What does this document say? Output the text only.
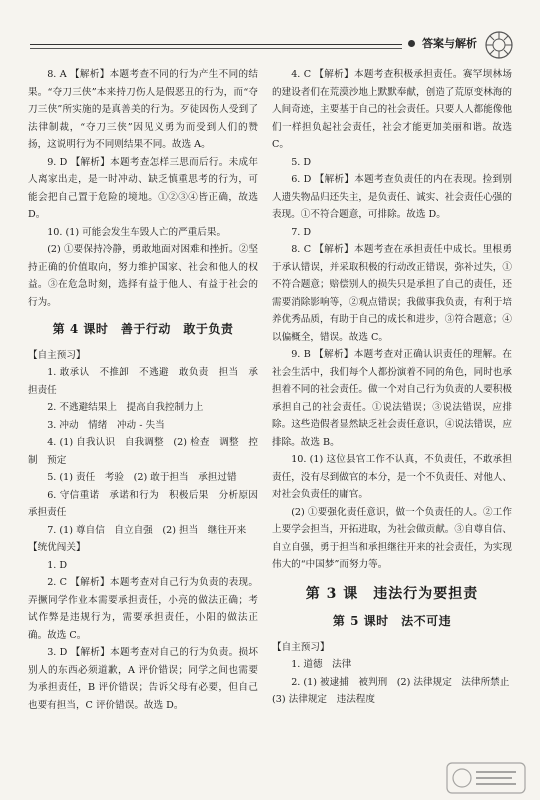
答案与解析

8. A 【解析】本题考查不同的行为产生不同的结果。“夺刀三侠”本来持刀伤人是假恶丑的行为，而“夺刀三侠”所实施的是真善美的行为。歹徒因伤人受到了法律制裁，“夺刀三侠”因见义勇为而受到人们的赞扬，这说明行为不同则结果不同。故选 A。

9. D 【解析】本题考查怎样三思而后行。未成年人离家出走，是一时冲动、缺乏慎重思考的行为，可能会把自己置于危险的境地。①②③④皆正确，故选 D。

10. (1) 可能会发生车毁人亡的严重后果。

(2) ①要保持冷静，勇敢地面对困难和挫折。②坚持正确的价值取向，努力维护国家、社会和他人的权益。③在危急时刻，选择有益于他人、有益于社会的行为。

第 4 课时　善于行动　敢于负责

【自主预习】

1. 敢承认　不推卸　不逃避　敢负责　担当　承担责任

2. 不逃避结果上　提高自我控制力上

3. 冲动　情绪　冲动 - 失当

4. (1) 自我认识　自我调整　(2) 检查　调整　控制　预定

5. (1) 责任　考验　(2) 敢于担当　承担过错

6. 守信重诺　承诺和行为　积极后果　分析原因　承担责任

7. (1) 尊自信　自立自强　(2) 担当　继往开来

【统优闯关】

1. D

2. C 【解析】本题考查对自己行为负责的表现。弄撅同学作业本需要承担责任，小亮的做法正确；考试作弊是违规行为，需要承担责任，小阳的做法正确。故选 C。

3. D 【解析】本题考查对自己的行为负责。损坏别人的东西必须道歉，A 评价错误；同学之间也需要为承担责任，B 评价错误；告诉父母有必要，但自己也要有担当，C 评价错误。故选 D。

4. C 【解析】本题考查积极承担责任。赛罕坝林场的建设者们在荒漠沙地上默默奉献，创造了荒原变林海的人间奇迹，主要基于自己的社会责任。只要人人都能像他们一样担负起社会责任，社会才能更加美丽和谐。故选 C。

5. D

6. D 【解析】本题考查负责任的内在表现。捡到别人遗失物品归还失主，是负责任、诚实、社会责任心强的表现。①不符合题意，可排除。故选 D。

7. D

8. C 【解析】本题考查在承担责任中成长。里根勇于承认错误，并采取积极的行动改正错误，弥补过失，①不符合题意；赔偿别人的损失只是承担了自己的责任，还需要消除影响等，②观点错误；我做事我负责，有利于培养优秀品质，有助于自己的成长和进步，③符合题意；④以偏概全，错误。故选 C。

9. B 【解析】本题考查对正确认识责任的理解。在社会生活中，我们每个人都扮演着不同的角色，同时也承担着不同的社会责任。做一个对自己行为负责的人要积极承担自己的社会责任。①说法错误；③说法错误，应排除。这些造假者显然缺乏社会责任意识，④说法错误，应排除。故选 B。

10. (1) 这位县官工作不认真，不负责任，不敢承担责任，没有尽到做官的本分，是一个不负责任、对他人、对社会负责任的庸官。

(2) ①要强化责任意识，做一个负责任的人。②工作上要学会担当，开拓进取，为社会做贡献。③自尊自信、自立自强，勇于担当和承担继往开来的社会责任，为实现伟大的“中国梦”而努力等。

第 3 课　违法行为要担责
第 5 课时　法不可违

【自主预习】

1. 道德　法律

2. (1) 被逮捕　被判刑　(2) 法律规定　法律所禁止

(3) 法律规定　违法程度
